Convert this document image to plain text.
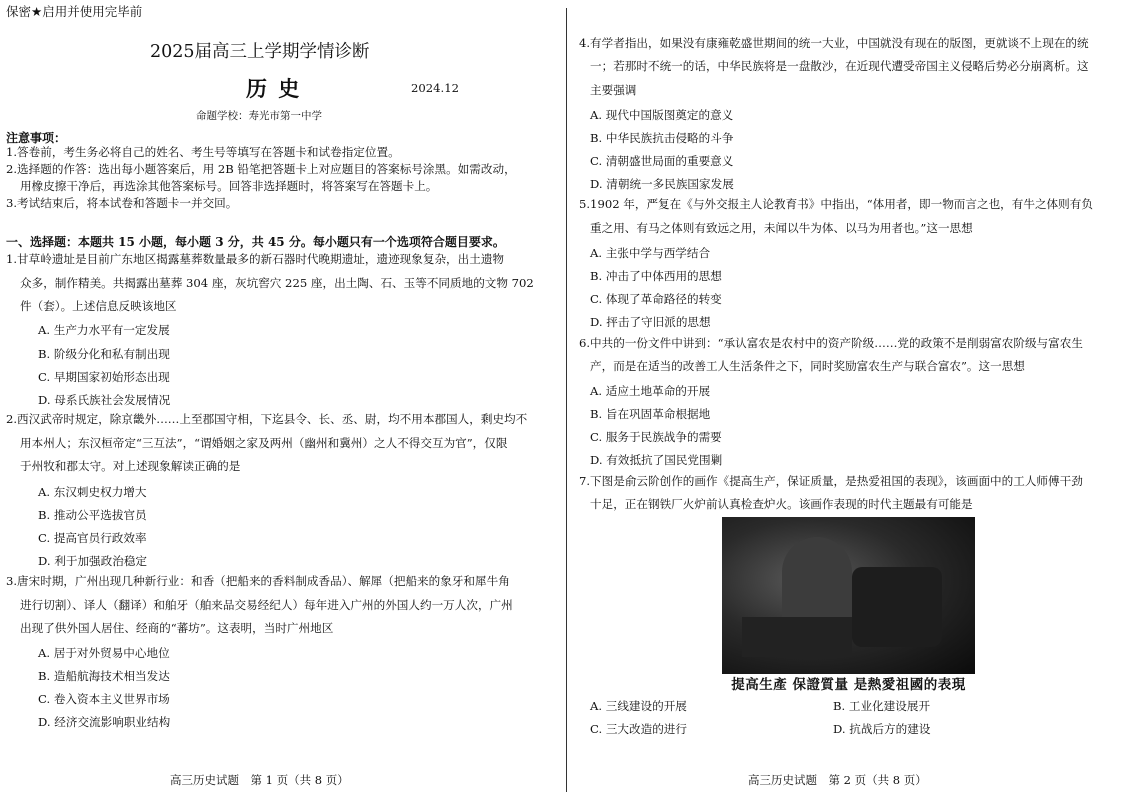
保密★启用并使用完毕前
2025届高三上学期学情诊断
历 史	2024.12
命题学校：寿光市第一中学
注意事项：
1.答卷前，考生务必将自己的姓名、考生号等填写在答题卡和试卷指定位置。
2.选择题的作答：选出每小题答案后，用 2B 铅笔把答题卡上对应题目的答案标号涂黑。如需改动，
用橡皮擦干净后，再选涂其他答案标号。回答非选择题时，将答案写在答题卡上。
3.考试结束后，将本试卷和答题卡一并交回。
一、选择题：本题共 15 小题，每小题 3 分，共 45 分。每小题只有一个选项符合题目要求。
1.甘草岭遗址是目前广东地区揭露墓葬数量最多的新石器时代晚期遗址，遗迹现象复杂，出土遗物
众多，制作精美。共揭露出墓葬 304 座，灰坑窖穴 225 座，出土陶、石、玉等不同质地的文物 702
件（套）。上述信息反映该地区
A. 生产力水平有一定发展
B. 阶级分化和私有制出现
C. 早期国家初始形态出现
D. 母系氏族社会发展情况
2.西汉武帝时规定，除京畿外……上至郡国守相，下迄县令、长、丞、尉，均不用本郡国人，剩史均不
用本州人；东汉桓帝定“三互法”，“谓婚姻之家及两州（幽州和冀州）之人不得交互为官”，仅限
于州牧和郡太守。对上述现象解读正确的是
A. 东汉刺史权力增大
B. 推动公平选拔官员
C. 提高官员行政效率
D. 利于加强政治稳定
3.唐宋时期，广州出现几种新行业：和香（把船来的香料制成香品）、解犀（把船来的象牙和犀牛角
进行切割）、译人（翻译）和舶牙（舶来品交易经纪人）每年进入广州的外国人约一万人次，广州
出现了供外国人居住、经商的“蕃坊”。这表明，当时广州地区
A. 居于对外贸易中心地位
B. 造船航海技术相当发达
C. 卷入资本主义世界市场
D. 经济交流影响职业结构
高三历史试题　第 1 页（共 8 页）
4.有学者指出，如果没有康雍乾盛世期间的统一大业，中国就没有现在的版图，更就谈不上现在的统
一；若那时不统一的话，中华民族将是一盘散沙，在近现代遭受帝国主义侵略后势必分崩离析。这
主要强调
A. 现代中国版图奠定的意义
B. 中华民族抗击侵略的斗争
C. 清朝盛世局面的重要意义
D. 清朝统一多民族国家发展
5.1902 年，严复在《与外交报主人论教育书》中指出，“体用者，即一物而言之也，有牛之体则有负
重之用、有马之体则有致远之用，未闻以牛为体、以马为用者也。”这一思想
A. 主张中学与西学结合
B. 冲击了中体西用的思想
C. 体现了革命路径的转变
D. 抨击了守旧派的思想
6.中共的一份文件中讲到：“承认富农是农村中的资产阶级……党的政策不是削弱富农阶级与富农生
产，而是在适当的改善工人生活条件之下，同时奖励富农生产与联合富农”。这一思想
A. 适应土地革命的开展
B. 旨在巩固革命根据地
C. 服务于民族战争的需要
D. 有效抵抗了国民党围剿
7.下图是俞云阶创作的画作《提高生产，保证质量，是热爱祖国的表现》，该画面中的工人师傅干劲
十足，正在钢铁厂火炉前认真检查炉火。该画作表现的时代主题最有可能是
A. 三线建设的开展	B. 工业化建设展开
C. 三大改造的进行	D. 抗战后方的建设
高三历史试题　第 2 页（共 8 页）
提高生產 保證質量 是熱愛祖國的表現
